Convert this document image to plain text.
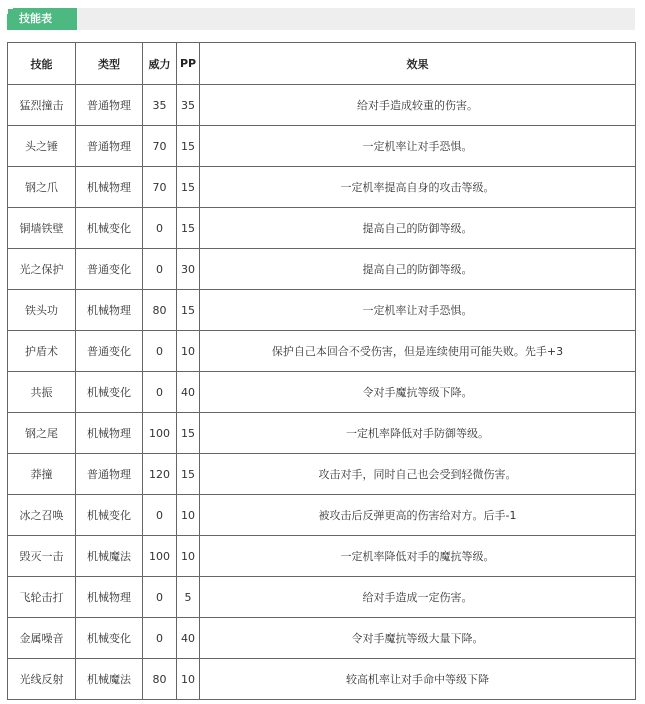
技能表
技能	类型	威力	PP	效果
猛烈撞击	普通物理	35	35	给对手造成较重的伤害。
头之锤	普通物理	70	15	一定机率让对手恐惧。
钢之爪	机械物理	70	15	一定机率提高自身的攻击等级。
铜墙铁壁	机械变化	0	15	提高自己的防御等级。
光之保护	普通变化	0	30	提高自己的防御等级。
铁头功	机械物理	80	15	一定机率让对手恐惧。
护盾术	普通变化	0	10	保护自己本回合不受伤害，但是连续使用可能失败。先手+3
共振	机械变化	0	40	令对手魔抗等级下降。
钢之尾	机械物理	100	15	一定机率降低对手防御等级。
莽撞	普通物理	120	15	攻击对手，同时自己也会受到轻微伤害。
冰之召唤	机械变化	0	10	被攻击后反弹更高的伤害给对方。后手-1
毁灭一击	机械魔法	100	10	一定机率降低对手的魔抗等级。
飞轮击打	机械物理	0	5	给对手造成一定伤害。
金属噪音	机械变化	0	40	令对手魔抗等级大量下降。
光线反射	机械魔法	80	10	较高机率让对手命中等级下降
